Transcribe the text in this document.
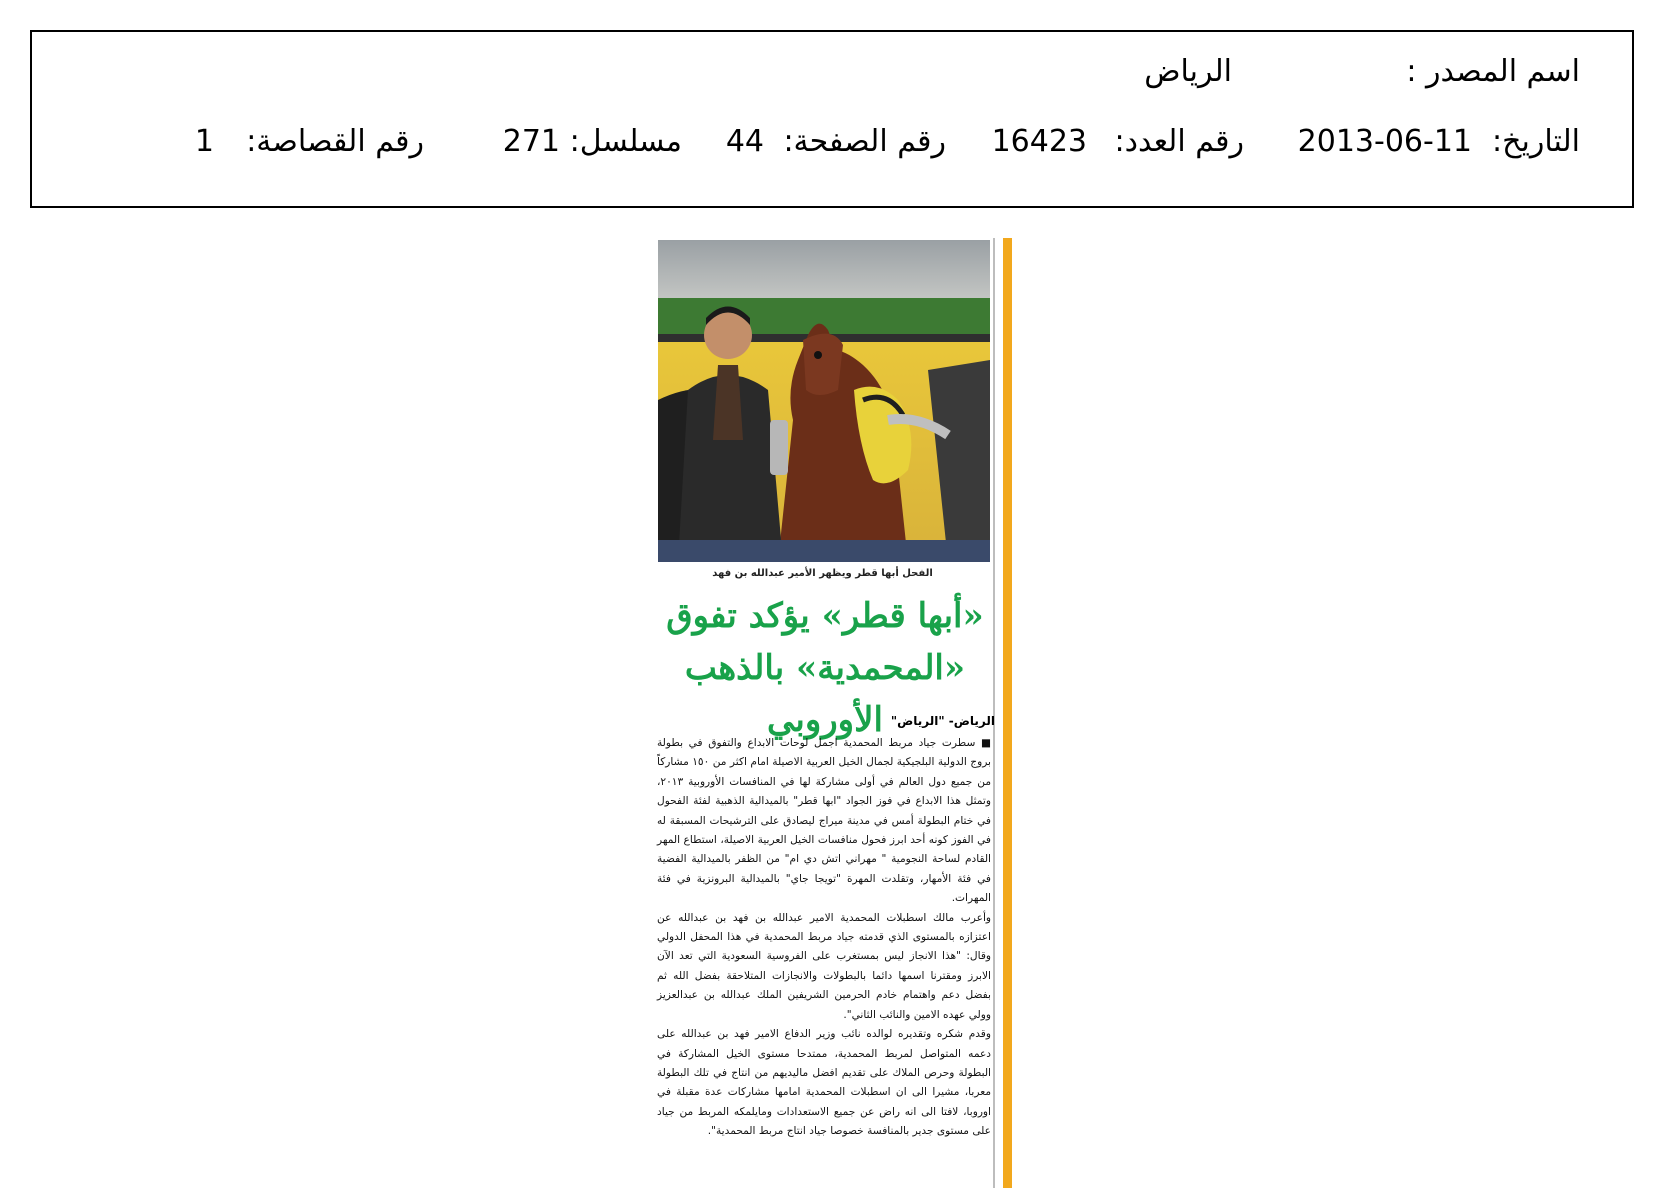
اسم المصدر :
الرياض
التاريخ:
2013-06-11
رقم العدد:
16423
رقم الصفحة:
44
مسلسل:
271
رقم القصاصة:
1
الفحل أبها قطر ويظهر الأمير عبدالله بن فهد
«أبها قطر» يؤكد تفوق
«المحمدية» بالذهب الأوروبي الرياض- "الرياض"

■ سطرت جياد مربط المحمدية اجمل لوحات الابداع والتفوق في بطولة بروج الدولية البلجيكية لجمال الخيل العربية الاصيلة امام اكثر من ١٥٠ مشاركاً من جميع دول العالم في أولى مشاركة لها في المنافسات الأوروبية ٢٠١٣، وتمثل هذا الابداع في فوز الجواد "ابها قطر" بالميدالية الذهبية لفئة الفحول في ختام البطولة أمس في مدينة ميراج ليصادق على الترشيحات المسبقة له في الفوز كونه أحد ابرز فحول منافسات الخيل العربية الاصيلة، استطاع المهر القادم لساحة النجومية " مهراني اتش دي ام" من الظفر بالميدالية الفضية في فئة الأمهار، وتقلدت المهرة "تويجا جاي" بالميدالية البرونزية في فئة المهرات.

وأعرب مالك اسطبلات المحمدية الامير عبدالله بن فهد بن عبدالله عن اعتزازه بالمستوى الذي قدمته جياد مربط المحمدية في هذا المحفل الدولي وقال: "هذا الانجاز ليس بمستغرب على الفروسية السعودية التي تعد الآن الابرز ومقترنا اسمها دائما بالبطولات والانجازات المتلاحقة بفضل الله ثم بفضل دعم واهتمام خادم الحرمين الشريفين الملك عبدالله بن عبدالعزيز وولي عهده الامين والنائب الثاني".

وقدم شكره وتقديره لوالده نائب وزير الدفاع الامير فهد بن عبدالله على دعمه المتواصل لمربط المحمدية، ممتدحا مستوى الخيل المشاركة في البطولة وحرص الملاك على تقديم افضل ماليديهم من انتاج في تلك البطولة معربا، مشيرا الى ان اسطبلات المحمدية امامها مشاركات عدة مقبلة في اوروبا، لافتا الى انه راض عن جميع الاستعدادات ومايلمكه المربط من جياد على مستوى جدير بالمنافسة خصوصا جياد انتاج مربط المحمدية".
